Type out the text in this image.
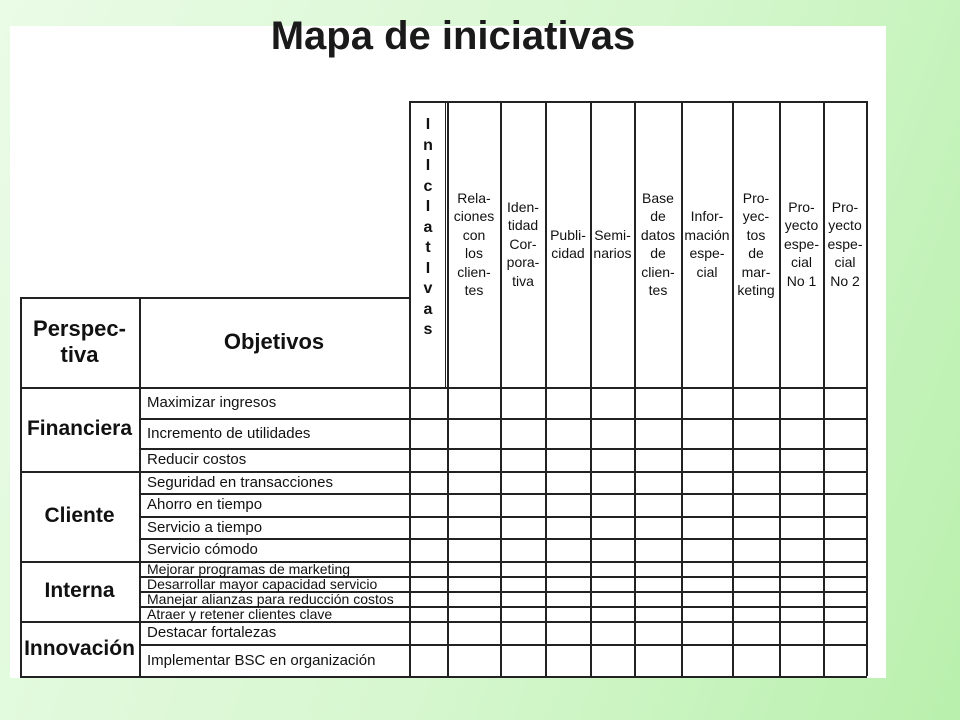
Mapa de iniciativas
Perspec-
tiva
Objetivos
I
n
I
c
I
a
t
I
v
a
s
Rela-
ciones
con
los
clien-
tes
Iden-
tidad
Cor-
pora-
tiva
Publi-
cidad
Semi-
narios
Base
de
datos
de
clien-
tes
Infor-
mación
espe-
cial
Pro-
yec-
tos
de
mar-
keting
Pro-
yecto
espe-
cial
No 1
Pro-
yecto
espe-
cial
No 2
Financiera
Maximizar ingresos
Incremento de utilidades
Reducir costos
Cliente
Seguridad en transacciones
Ahorro en tiempo
Servicio a tiempo
Servicio cómodo
Interna
Mejorar programas de marketing
Desarrollar mayor capacidad servicio
Manejar alianzas para reducción costos
Atraer y retener clientes clave
Innovación
Destacar fortalezas
Implementar BSC en organización
